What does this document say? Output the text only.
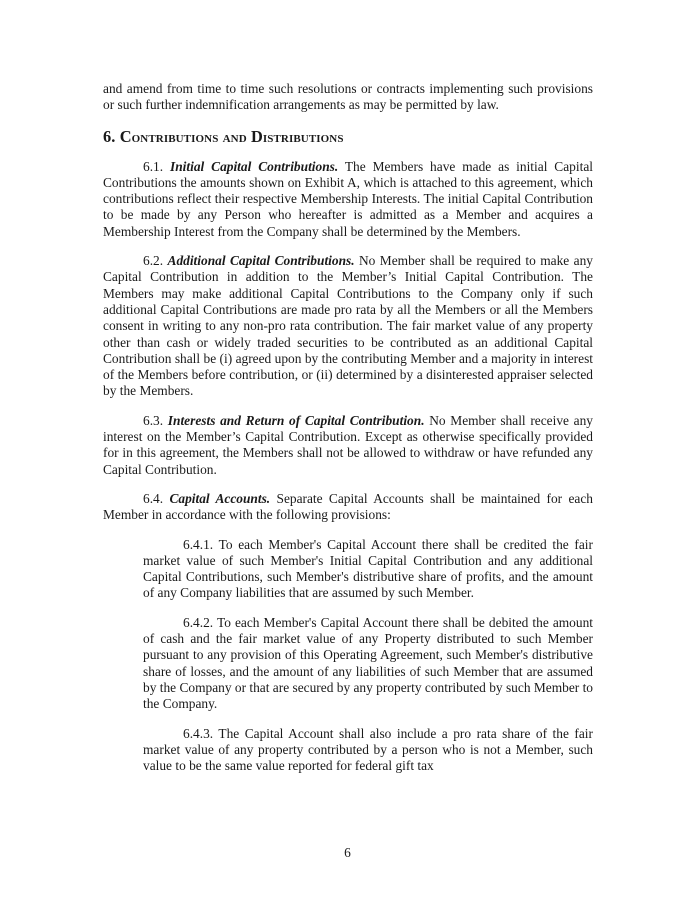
and amend from time to time such resolutions or contracts implementing such provisions or such further indemnification arrangements as may be permitted by law.

6. Contributions and Distributions

6.1. Initial Capital Contributions. The Members have made as initial Capital Contributions the amounts shown on Exhibit A, which is attached to this agreement, which contributions reflect their respective Membership Interests. The initial Capital Contribution to be made by any Person who hereafter is admitted as a Member and acquires a Membership Interest from the Company shall be determined by the Members.

6.2. Additional Capital Contributions. No Member shall be required to make any Capital Contribution in addition to the Member’s Initial Capital Contribution. The Members may make additional Capital Contributions to the Company only if such additional Capital Contributions are made pro rata by all the Members or all the Members consent in writing to any non-pro rata contribution. The fair market value of any property other than cash or widely traded securities to be contributed as an additional Capital Contribution shall be (i) agreed upon by the contributing Member and a majority in interest of the Members before contribution, or (ii) determined by a disinterested appraiser selected by the Members.

6.3. Interests and Return of Capital Contribution. No Member shall receive any interest on the Member’s Capital Contribution. Except as otherwise specifically provided for in this agreement, the Members shall not be allowed to withdraw or have refunded any Capital Contribution.

6.4. Capital Accounts. Separate Capital Accounts shall be maintained for each Member in accordance with the following provisions:

6.4.1. To each Member's Capital Account there shall be credited the fair market value of such Member's Initial Capital Contribution and any additional Capital Contributions, such Member's distributive share of profits, and the amount of any Company liabilities that are assumed by such Member.

6.4.2. To each Member's Capital Account there shall be debited the amount of cash and the fair market value of any Property distributed to such Member pursuant to any provision of this Operating Agreement, such Member's distributive share of losses, and the amount of any liabilities of such Member that are assumed by the Company or that are secured by any property contributed by such Member to the Company.

6.4.3. The Capital Account shall also include a pro rata share of the fair market value of any property contributed by a person who is not a Member, such value to be the same value reported for federal gift tax

6
